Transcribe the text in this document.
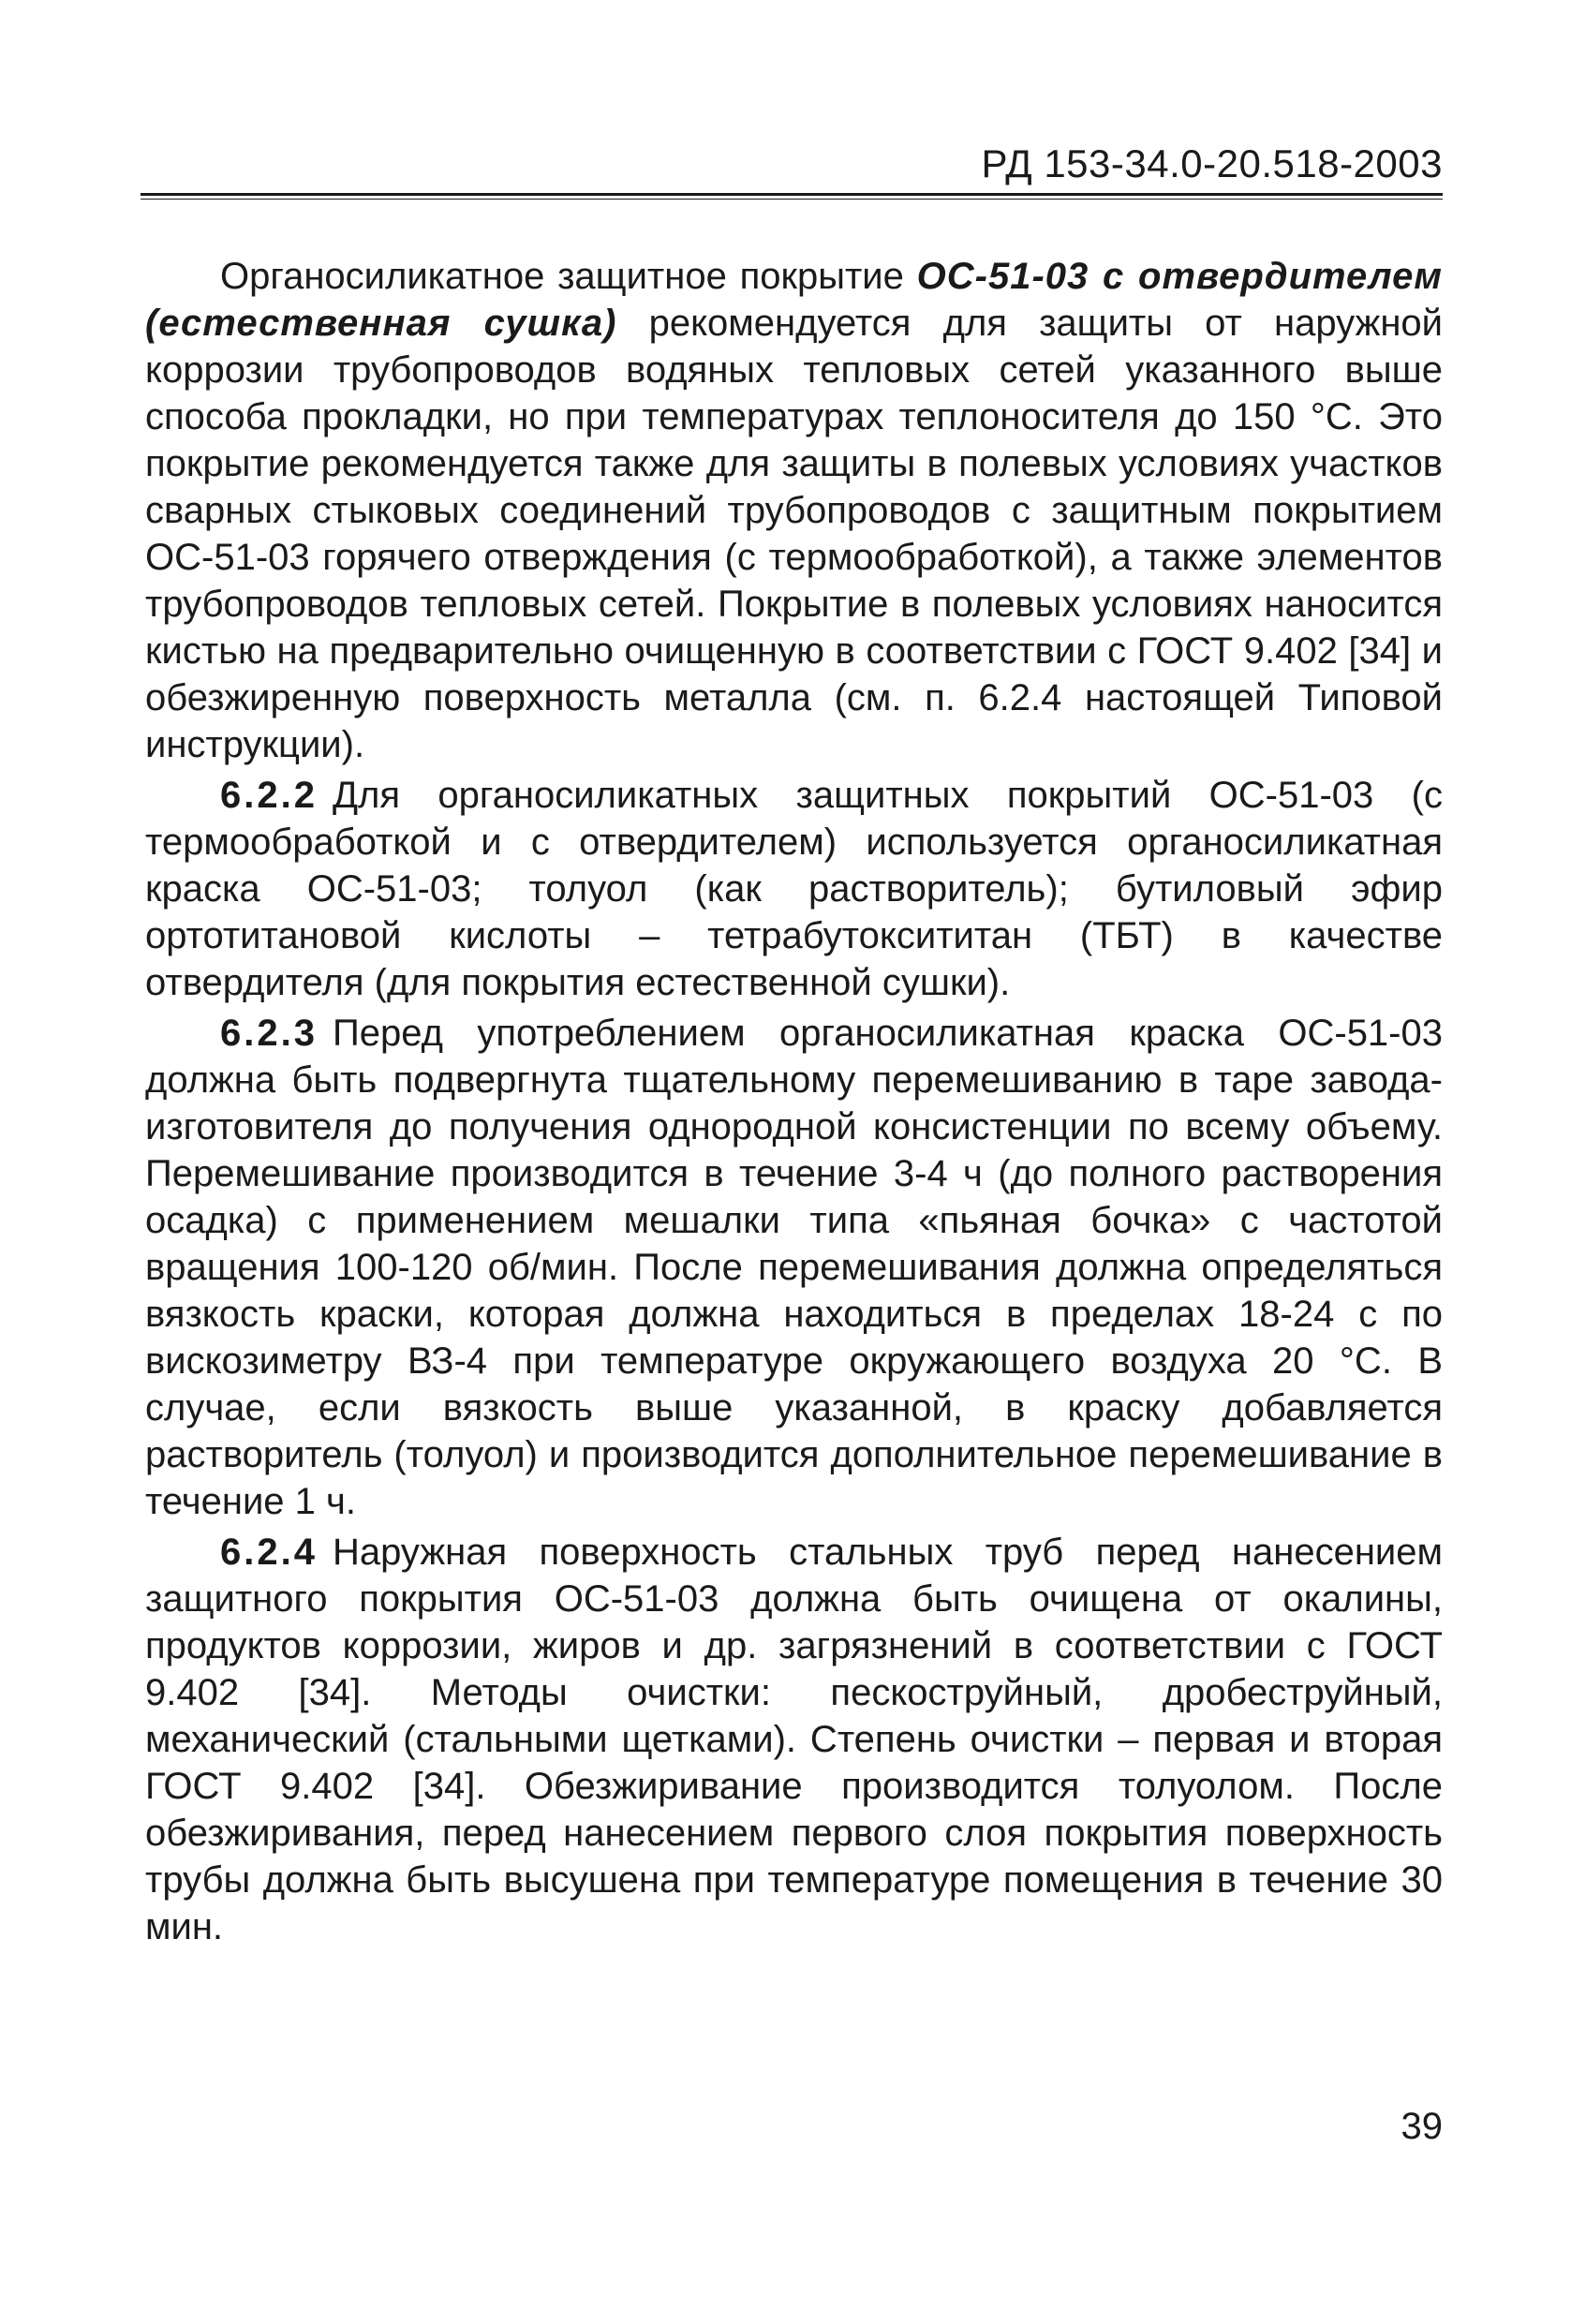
РД 153-34.0-20.518-2003

Органосиликатное защитное покрытие ОС-51-03 с отвердителем (естественная сушка) рекомендуется для защиты от наружной коррозии трубопроводов водяных тепловых сетей указанного выше способа прокладки, но при температурах теплоносителя до 150 °С. Это покрытие рекомендуется также для защиты в полевых условиях участков сварных стыковых соединений трубопроводов с защитным покрытием ОС-51-03 горячего отверждения (с термообработкой), а также элементов трубопроводов тепловых сетей. Покрытие в полевых условиях наносится кистью на предварительно очищенную в соответствии с ГОСТ 9.402 [34] и обезжиренную поверхность металла (см. п. 6.2.4 настоящей Типовой инструкции).

6.2.2 Для органосиликатных защитных покрытий ОС-51-03 (с термообработкой и с отвердителем) используется органосиликатная краска ОС-51-03; толуол (как растворитель); бутиловый эфир ортотитановой кислоты – тетрабутоксититан (ТБТ) в качестве отвердителя (для покрытия естественной сушки).

6.2.3 Перед употреблением органосиликатная краска ОС-51-03 должна быть подвергнута тщательному перемешиванию в таре завода-изготовителя до получения однородной консистенции по всему объему. Перемешивание производится в течение 3-4 ч (до полного растворения осадка) с применением мешалки типа «пьяная бочка» с частотой вращения 100-120 об/мин. После перемешивания должна определяться вязкость краски, которая должна находиться в пределах 18-24 с по вискозиметру ВЗ-4 при температуре окружающего воздуха 20 °С. В случае, если вязкость выше указанной, в краску добавляется растворитель (толуол) и производится дополнительное перемешивание в течение 1 ч.

6.2.4 Наружная поверхность стальных труб перед нанесением защитного покрытия ОС-51-03 должна быть очищена от окалины, продуктов коррозии, жиров и др. загрязнений в соответствии с ГОСТ 9.402 [34]. Методы очистки: пескоструйный, дробеструйный, механический (стальными щетками). Степень очистки – первая и вторая ГОСТ 9.402 [34]. Обезжиривание производится толуолом. После обезжиривания, перед нанесением первого слоя покрытия поверхность трубы должна быть высушена при температуре помещения в течение 30 мин.

39
